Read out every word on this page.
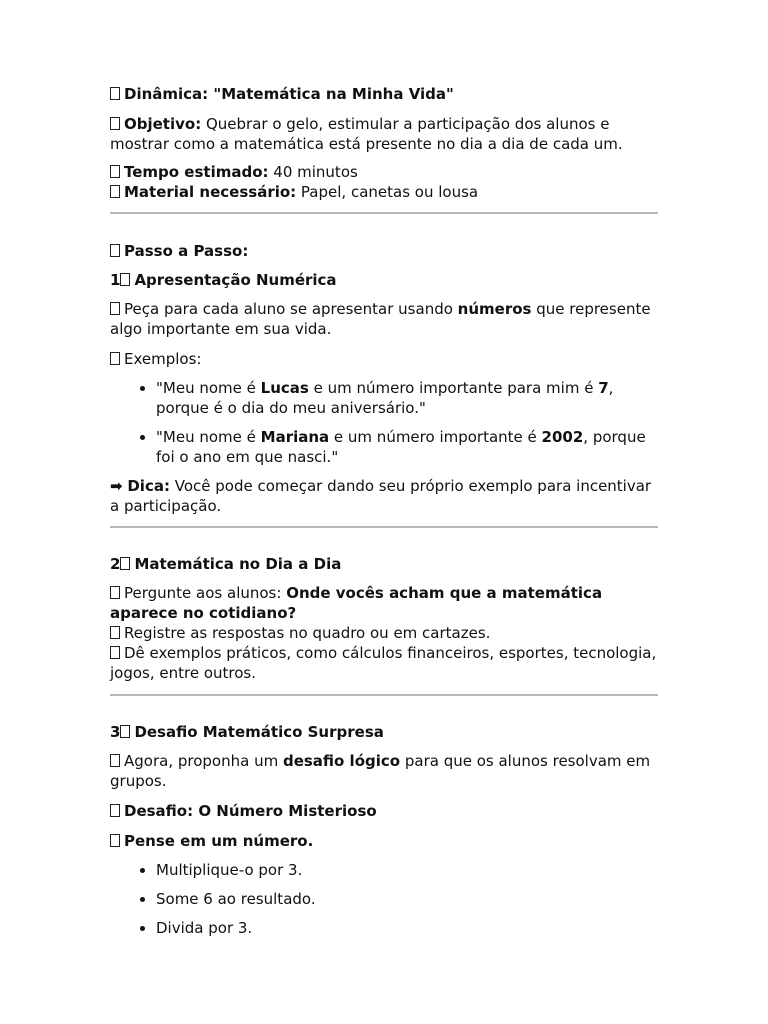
Dinâmica: "Matemática na Minha Vida"

Objetivo: Quebrar o gelo, estimular a participação dos alunos e mostrar como a matemática está presente no dia a dia de cada um.

Tempo estimado: 40 minutos

Material necessário: Papel, canetas ou lousa

Passo a Passo:

1 Apresentação Numérica

Peça para cada aluno se apresentar usando números que represente algo importante em sua vida.

Exemplos:

• "Meu nome é Lucas e um número importante para mim é 7, porque é o dia do meu aniversário."
• "Meu nome é Mariana e um número importante é 2002, porque foi o ano em que nasci."

➡ Dica: Você pode começar dando seu próprio exemplo para incentivar a participação.

2 Matemática no Dia a Dia

Pergunte aos alunos: Onde vocês acham que a matemática aparece no cotidiano?

Registre as respostas no quadro ou em cartazes.

Dê exemplos práticos, como cálculos financeiros, esportes, tecnologia, jogos, entre outros.

3 Desafio Matemático Surpresa

Agora, proponha um desafio lógico para que os alunos resolvam em grupos.

Desafio: O Número Misterioso

Pense em um número.

• Multiplique-o por 3.
• Some 6 ao resultado.
• Divida por 3.
